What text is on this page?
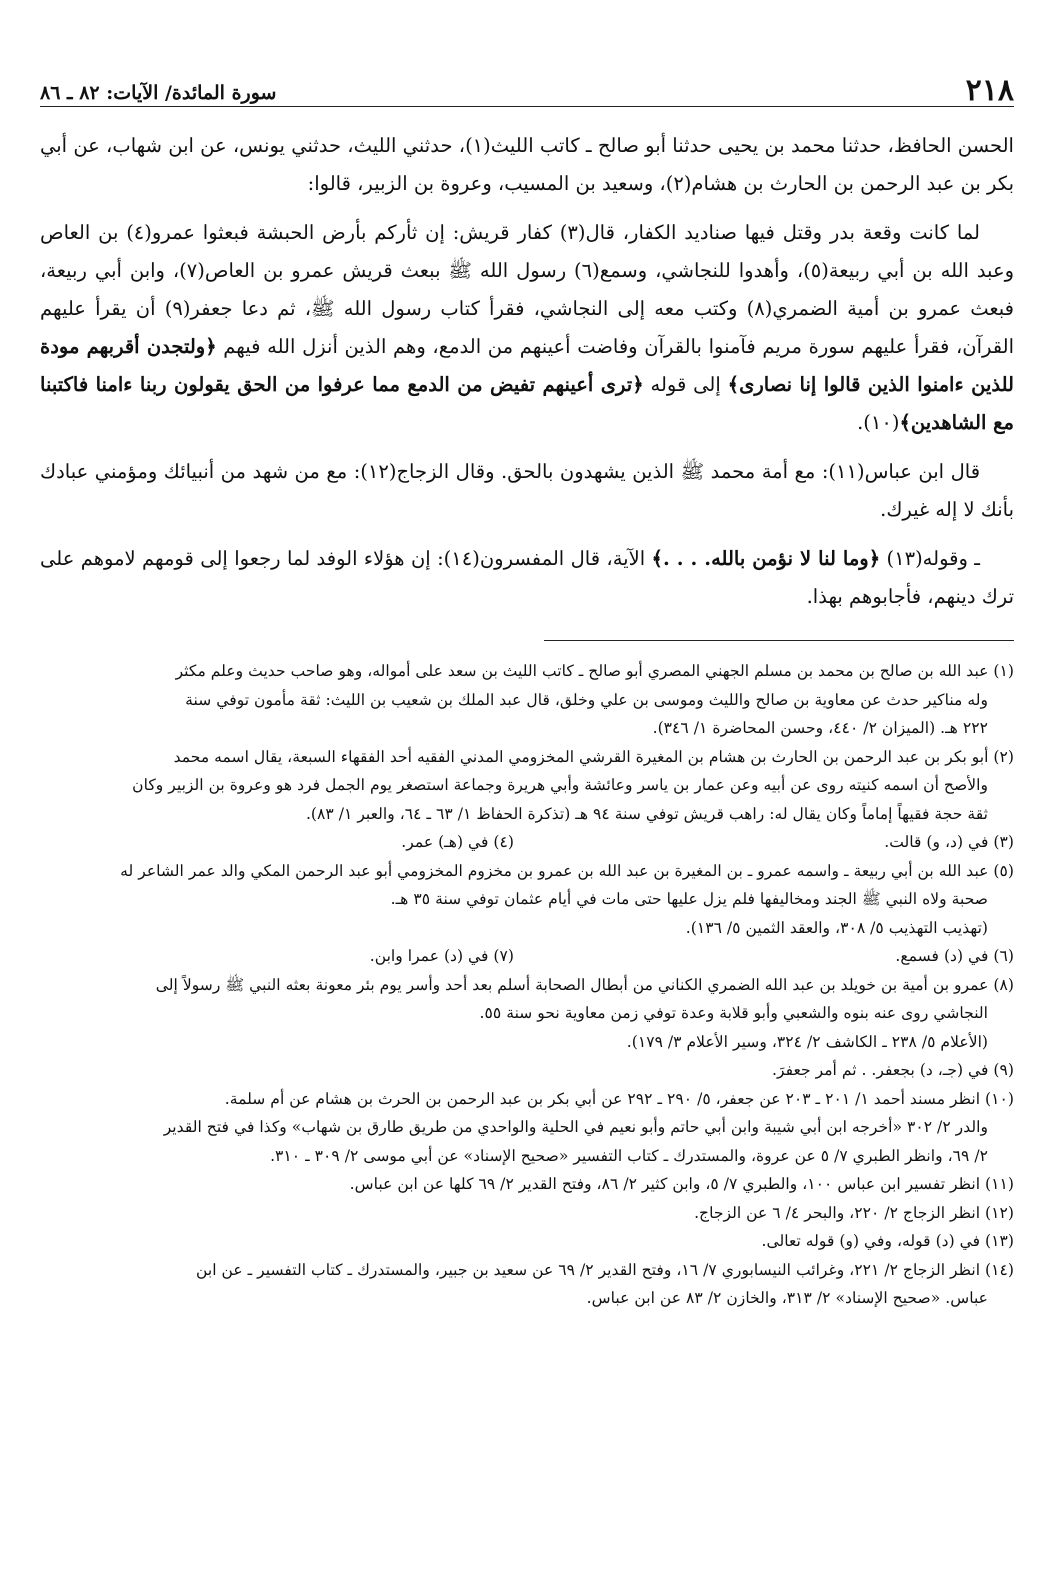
٢١٨
سورة المائدة/ الآيات: ٨٢ ـ ٨٦

الحسن الحافظ، حدثنا محمد بن يحيى حدثنا أبو صالح ـ كاتب الليث(١)، حدثني الليث، حدثني يونس، عن ابن شهاب، عن أبي بكر بن عبد الرحمن بن الحارث بن هشام(٢)، وسعيد بن المسيب، وعروة بن الزبير، قالوا:

لما كانت وقعة بدر وقتل فيها صناديد الكفار، قال(٣) كفار قريش: إن ثأركم بأرض الحبشة فبعثوا عمرو(٤) بن العاص وعبد الله بن أبي ربيعة(٥)، وأهدوا للنجاشي، وسمع(٦) رسول الله ﷺ ببعث قريش عمرو بن العاص(٧)، وابن أبي ربيعة، فبعث عمرو بن أمية الضمري(٨) وكتب معه إلى النجاشي، فقرأ كتاب رسول الله ﷺ، ثم دعا جعفر(٩) أن يقرأ عليهم القرآن، فقرأ عليهم سورة مريم فآمنوا بالقرآن وفاضت أعينهم من الدمع، وهم الذين أنزل الله فيهم ﴿ولتجدن أقربهم مودة للذين ءامنوا الذين قالوا إنا نصارى﴾ إلى قوله ﴿ترى أعينهم تفيض من الدمع مما عرفوا من الحق يقولون ربنا ءامنا فاكتبنا مع الشاهدين﴾(١٠).

قال ابن عباس(١١): مع أمة محمد ﷺ الذين يشهدون بالحق. وقال الزجاج(١٢): مع من شهد من أنبيائك ومؤمني عبادك بأنك لا إله غيرك.

ـ وقوله(١٣) ﴿وما لنا لا نؤمن بالله. . . .﴾ الآية، قال المفسرون(١٤): إن هؤلاء الوفد لما رجعوا إلى قومهم لاموهم على ترك دينهم، فأجابوهم بهذا.

(١) عبد الله بن صالح بن محمد بن مسلم الجهني المصري أبو صالح ـ كاتب الليث بن سعد على أمواله، وهو صاحب حديث وعلم مكثر

وله مناكير حدث عن معاوية بن صالح والليث وموسى بن علي وخلق، قال عبد الملك بن شعيب بن الليث: ثقة مأمون توفي سنة

٢٢٢ هـ. (الميزان ٢/ ٤٤٠، وحسن المحاضرة ١/ ٣٤٦).

(٢) أبو بكر بن عبد الرحمن بن الحارث بن هشام بن المغيرة القرشي المخزومي المدني الفقيه أحد الفقهاء السبعة، يقال اسمه محمد

والأصح أن اسمه كنيته روى عن أبيه وعن عمار بن ياسر وعائشة وأبي هريرة وجماعة استصغر يوم الجمل فرد هو وعروة بن الزبير وكان

ثقة حجة فقيهاً إماماً وكان يقال له: راهب قريش توفي سنة ٩٤ هـ (تذكرة الحفاظ ١/ ٦٣ ـ ٦٤، والعبر ١/ ٨٣).

(٣) في (د، و) قالت.
(٤) في (هـ) عمر.

(٥) عبد الله بن أبي ربيعة ـ واسمه عمرو ـ بن المغيرة بن عبد الله بن عمرو بن مخزوم المخزومي أبو عبد الرحمن المكي والد عمر الشاعر له

صحبة ولاه النبي ﷺ الجند ومخاليفها فلم يزل عليها حتى مات في أيام عثمان توفي سنة ٣٥ هـ.

(تهذيب التهذيب ٥/ ٣٠٨، والعقد الثمين ٥/ ١٣٦).

(٦) في (د) فسمع.
(٧) في (د) عمرا وابن.

(٨) عمرو بن أمية بن خويلد بن عبد الله الضمري الكناني من أبطال الصحابة أسلم بعد أحد وأسر يوم بئر معونة بعثه النبي ﷺ رسولاً إلى

النجاشي روى عنه بنوه والشعبي وأبو قلابة وعدة توفي زمن معاوية نحو سنة ٥٥.

(الأعلام ٥/ ٢٣٨ ـ الكاشف ٢/ ٣٢٤، وسير الأعلام ٣/ ١٧٩).

(٩) في (جـ، د) بجعفر. . ثم أمر جعفرَ.

(١٠) انظر مسند أحمد ١/ ٢٠١ ـ ٢٠٣ عن جعفر، ٥/ ٢٩٠ ـ ٢٩٢ عن أبي بكر بن عبد الرحمن بن الحرث بن هشام عن أم سلمة.

والدر ٢/ ٣٠٢ «أخرجه ابن أبي شيبة وابن أبي حاتم وأبو نعيم في الحلية والواحدي من طريق طارق بن شهاب» وكذا في فتح القدير

٢/ ٦٩، وانظر الطبري ٧/ ٥ عن عروة، والمستدرك ـ كتاب التفسير «صحيح الإسناد» عن أبي موسى ٢/ ٣٠٩ ـ ٣١٠.

(١١) انظر تفسير ابن عباس ١٠٠، والطبري ٧/ ٥، وابن كثير ٢/ ٨٦، وفتح القدير ٢/ ٦٩ كلها عن ابن عباس.

(١٢) انظر الزجاج ٢/ ٢٢٠، والبحر ٤/ ٦ عن الزجاج.

(١٣) في (د) قوله، وفي (و) قوله تعالى.

(١٤) انظر الزجاج ٢/ ٢٢١، وغرائب النيسابوري ٧/ ١٦، وفتح القدير ٢/ ٦٩ عن سعيد بن جبير، والمستدرك ـ كتاب التفسير ـ عن ابن

عباس. «صحيح الإسناد» ٢/ ٣١٣، والخازن ٢/ ٨٣ عن ابن عباس.
